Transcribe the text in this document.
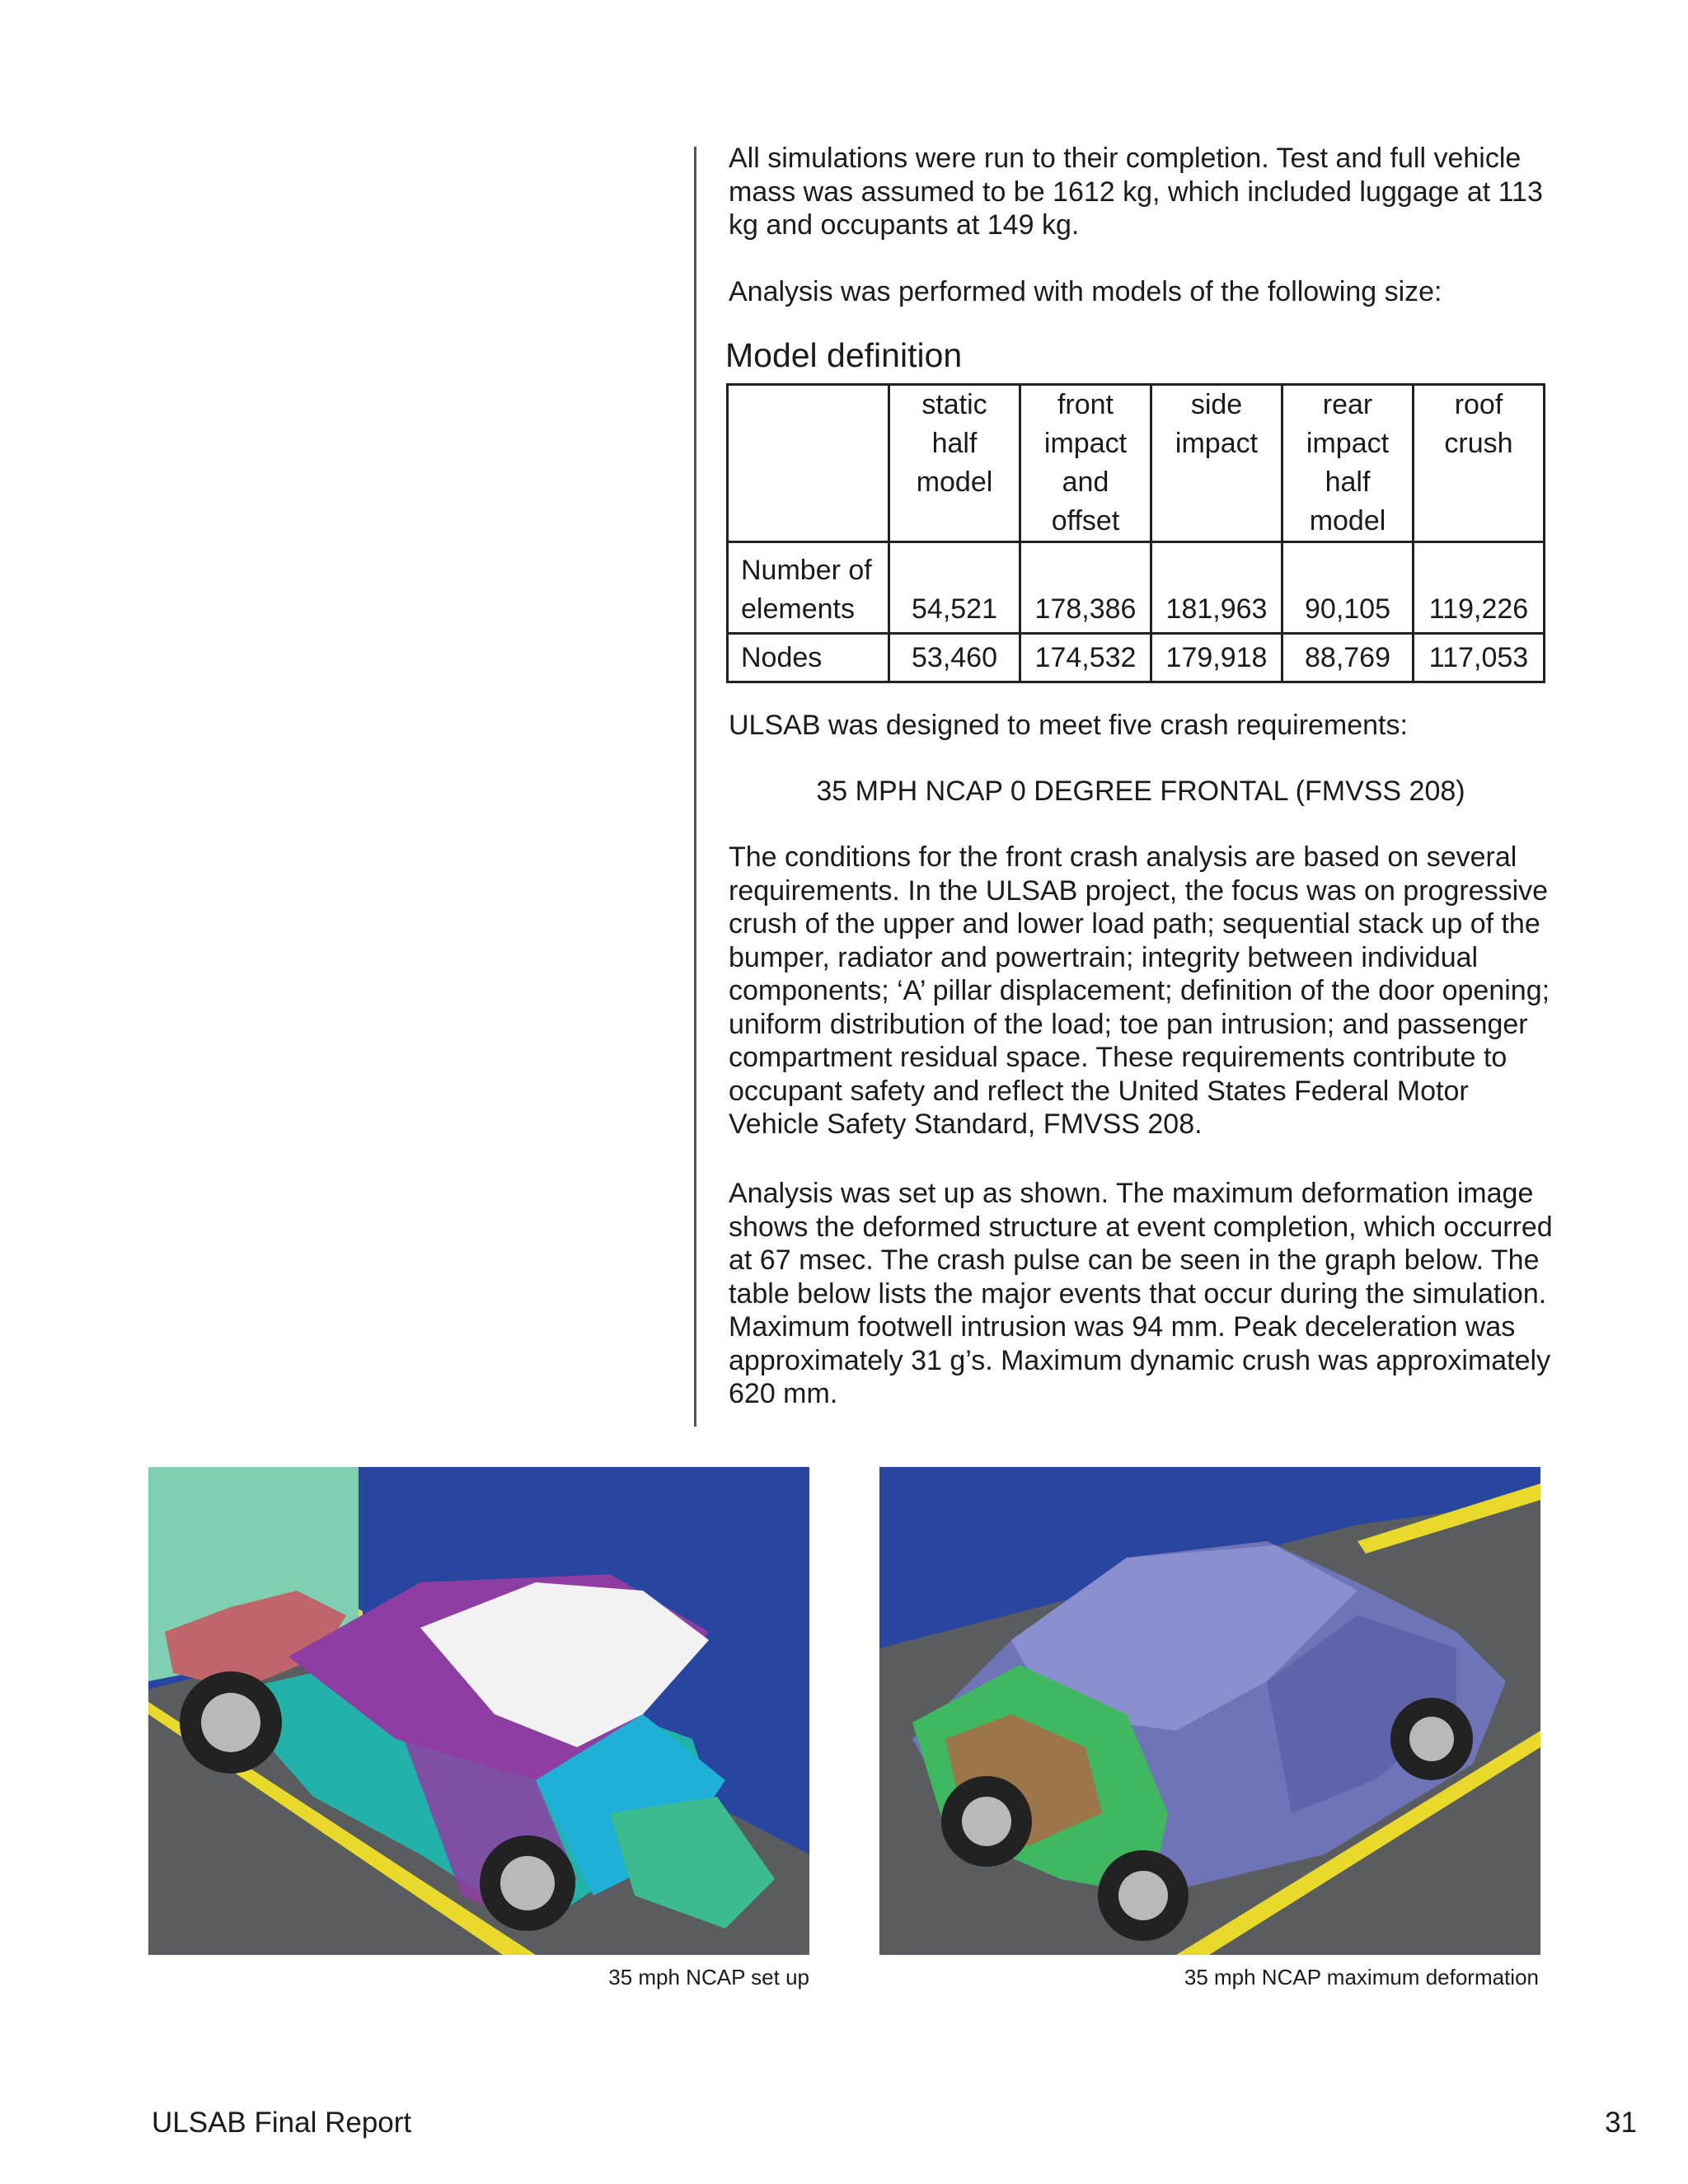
All simulations were run to their completion. Test and full vehicle mass was assumed to be 1612 kg, which included luggage at 113 kg and occupants at 149 kg.

Analysis was performed with models of the following size:

Model definition

	static half model	front impact and offset	side impact	rear impact half model	roof crush
Number of elements	54,521	178,386	181,963	90,105	119,226
Nodes	53,460	174,532	179,918	88,769	117,053

ULSAB was designed to meet five crash requirements:

35 MPH NCAP 0 DEGREE FRONTAL (FMVSS 208)

The conditions for the front crash analysis are based on several requirements. In the ULSAB project, the focus was on progressive crush of the upper and lower load path; sequential stack up of the bumper, radiator and powertrain; integrity between individual components; ‘A’ pillar displacement; definition of the door opening; uniform distribution of the load; toe pan intrusion; and passenger compartment residual space. These requirements contribute to occupant safety and reflect the United States Federal Motor Vehicle Safety Standard, FMVSS 208.

Analysis was set up as shown. The maximum deformation image shows the deformed structure at event completion, which occurred at 67 msec. The crash pulse can be seen in the graph below. The table below lists the major events that occur during the simulation. Maximum footwell intrusion was 94 mm. Peak deceleration was approximately 31 g’s. Maximum dynamic crush was approximately 620 mm.

35 mph NCAP set up	35 mph NCAP maximum deformation
ULSAB Final Report	31
